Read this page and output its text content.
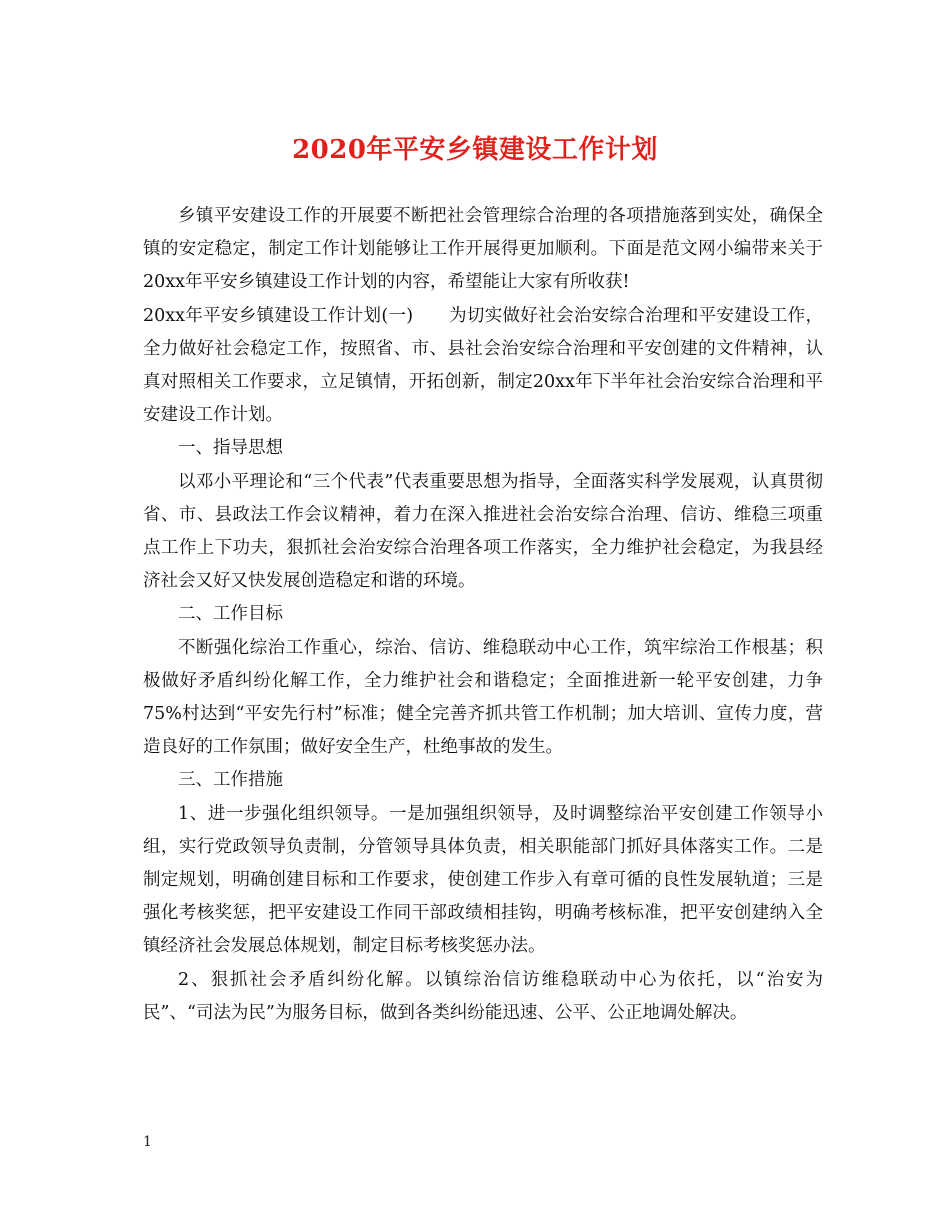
2020年平安乡镇建设工作计划

乡镇平安建设工作的开展要不断把社会管理综合治理的各项措施落到实处，确保全镇的安定稳定，制定工作计划能够让工作开展得更加顺利。下面是范文网小编带来关于20xx年平安乡镇建设工作计划的内容，希望能让大家有所收获!

20xx年平安乡镇建设工作计划(一)　　为切实做好社会治安综合治理和平安建设工作，全力做好社会稳定工作，按照省、市、县社会治安综合治理和平安创建的文件精神，认真对照相关工作要求，立足镇情，开拓创新，制定20xx年下半年社会治安综合治理和平安建设工作计划。

一、指导思想

以邓小平理论和“三个代表”代表重要思想为指导，全面落实科学发展观，认真贯彻省、市、县政法工作会议精神，着力在深入推进社会治安综合治理、信访、维稳三项重点工作上下功夫，狠抓社会治安综合治理各项工作落实，全力维护社会稳定，为我县经济社会又好又快发展创造稳定和谐的环境。

二、工作目标

不断强化综治工作重心，综治、信访、维稳联动中心工作，筑牢综治工作根基；积极做好矛盾纠纷化解工作，全力维护社会和谐稳定；全面推进新一轮平安创建，力争75%村达到“平安先行村”标准；健全完善齐抓共管工作机制；加大培训、宣传力度，营造良好的工作氛围；做好安全生产，杜绝事故的发生。

三、工作措施

1、进一步强化组织领导。一是加强组织领导，及时调整综治平安创建工作领导小组，实行党政领导负责制，分管领导具体负责，相关职能部门抓好具体落实工作。二是制定规划，明确创建目标和工作要求，使创建工作步入有章可循的良性发展轨道；三是强化考核奖惩，把平安建设工作同干部政绩相挂钩，明确考核标准，把平安创建纳入全镇经济社会发展总体规划，制定目标考核奖惩办法。

2、狠抓社会矛盾纠纷化解。以镇综治信访维稳联动中心为依托，以“治安为民”、“司法为民”为服务目标，做到各类纠纷能迅速、公平、公正地调处解决。

1
